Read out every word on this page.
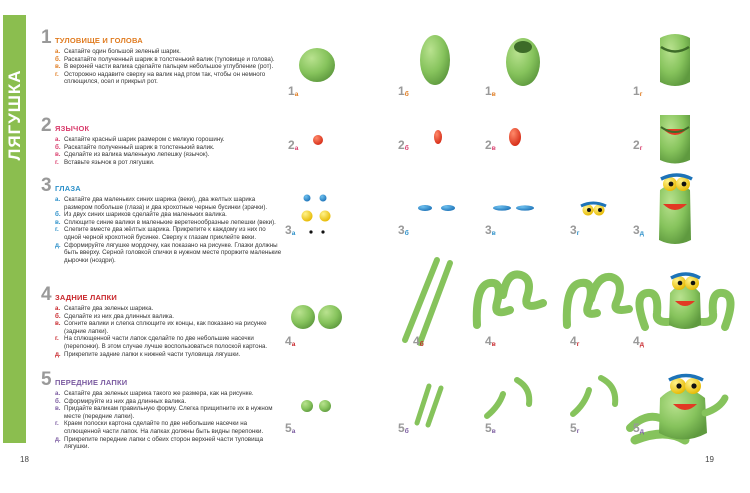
ЛЯГУШКА
18	19
1 ТУЛОВИЩЕ И ГОЛОВА
а. Скатайте один большой зеленый шарик.
б. Раскатайте полученный шарик в толстенький валик (туловище и голова).
в. В верхней части валика сделайте пальцем небольшое углубление (рот).
г. Осторожно надавите сверху на валик над ртом так, чтобы он немного сплющился, осел и прикрыл рот.
2 ЯЗЫЧОК
а. Скатайте красный шарик размером с мелкую горошину.
б. Раскатайте полученный шарик в толстенький валик.
в. Сделайте из валика маленькую лепешку (язычок).
г. Вставьте язычок в рот лягушки.
3 ГЛАЗА
а. Скатайте два маленьких синих шарика (веки), два желтых шарика размером побольше (глаза) и два крохотные черные бусинки (зрачки).
б. Из двух синих шариков сделайте два маленьких валика.
в. Сплющите синие валики в маленькие веретенообразные лепешки (веки).
г. Слепите вместе два жёлтых шарика. Прикрепите к каждому из них по одной черной крохотной бусинке. Сверху к глазам приклейте веки.
д. Сформируйте лягушке мордочку, как показано на рисунке. Глазки должны быть вверху. Серной головкой спички в нужном месте проржите маленькие дырочки (ноздри).
4 ЗАДНИЕ ЛАПКИ
а. Скатайте два зеленых шарика.
б. Сделайте из них два длинных валика.
в. Согните валики и слегка сплющите их концы, как показано на рисунке (задние лапки).
г. На сплющенной части лапок сделайте по две небольшие насечки (перепонки). В этом случае лучше воспользоваться полоской картона.
д. Прикрепите задние лапки к нижней части туловища лягушки.
5 ПЕРЕДНИЕ ЛАПКИ
а. Скатайте два зеленых шарика такого же размера, как на рисунке.
б. Сформируйте из них два длинных валика.
в. Придайте валикам правильную форму. Слегка прищипните их в нужном месте (передние лапки).
г. Краем полоски картона сделайте по две небольшие насечки на сплющенной части лапок. На лапках должны быть видны перепонки.
д. Прикрепите передние лапки с обеих сторон верхней части туловища лягушки.
$1_а$	$1_б$	$1_в$	$1_г$
$2_а$	$2_б$	$2_в$	$2_г$
$3_а$	$3_б$	$3_в$	$3_г$	$3_д$
$4_а$	$4_б$	$4_в$	$4_г$	$4_д$
$5_а$	$5_б$	$5_в$	$5_г$	$5_д$
